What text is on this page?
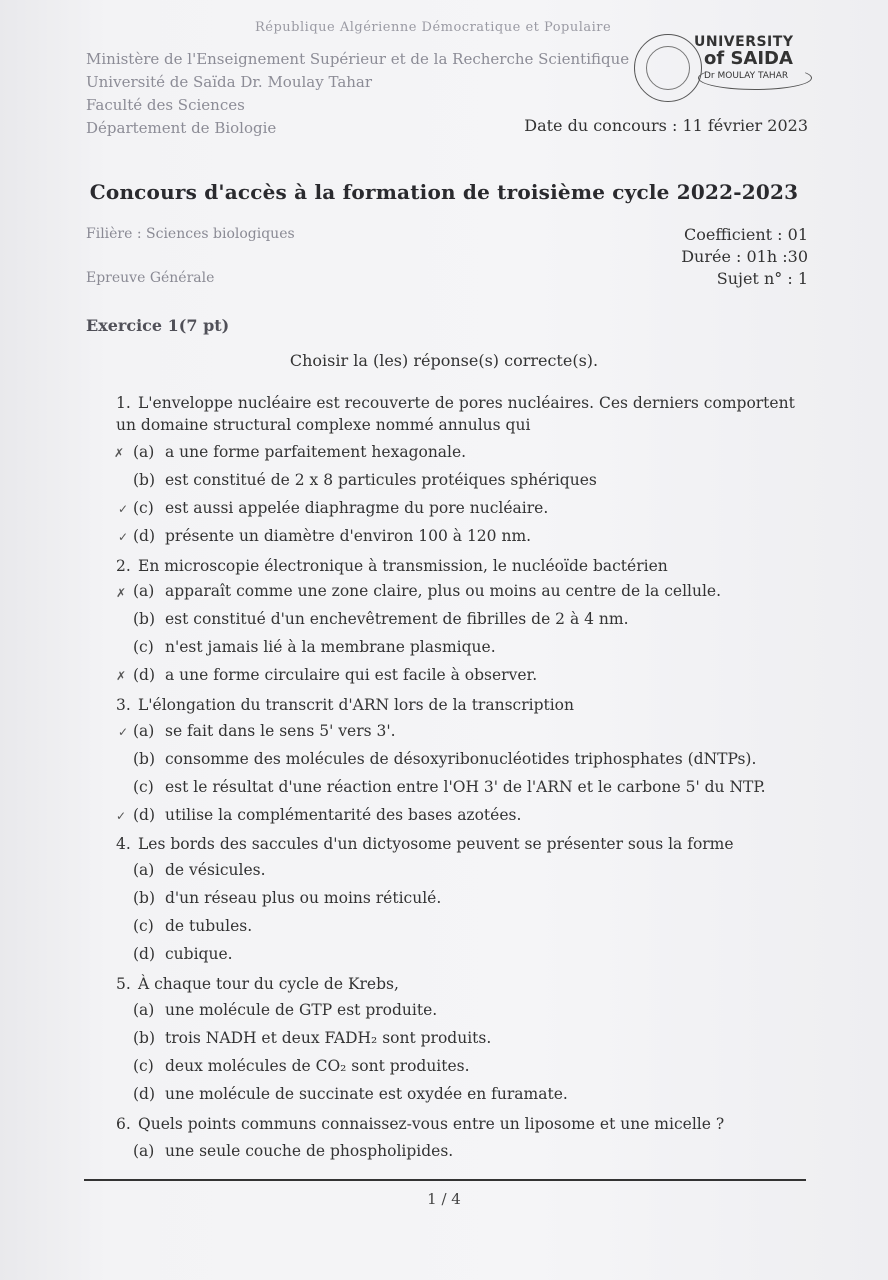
République Algérienne Démocratique et Populaire
Ministère de l'Enseignement Supérieur et de la Recherche Scientifique
Université de Saïda Dr. Moulay Tahar
Faculté des Sciences
Département de Biologie
UNIVERSITY
of SAIDA
Dr MOULAY TAHAR
Date du concours : 11 février 2023
Concours d'accès à la formation de troisième cycle 2022-2023
Filière : Sciences biologiques
Epreuve Générale
Coefficient : 01
Durée : 01h :30
Sujet n° : 1
Exercice 1(7 pt)
Choisir la (les) réponse(s) correcte(s).
1. L'enveloppe nucléaire est recouverte de pores nucléaires. Ces derniers comportent un domaine structural complexe nommé annulus qui
✗ (a) a une forme parfaitement hexagonale.
(b) est constitué de 2 x 8 particules protéiques sphériques
✓ (c) est aussi appelée diaphragme du pore nucléaire.
✓ (d) présente un diamètre d'environ 100 à 120 nm.
2. En microscopie électronique à transmission, le nucléoïde bactérien
✗ (a) apparaît comme une zone claire, plus ou moins au centre de la cellule.
(b) est constitué d'un enchevêtrement de fibrilles de 2 à 4 nm.
(c) n'est jamais lié à la membrane plasmique.
✗ (d) a une forme circulaire qui est facile à observer.
3. L'élongation du transcrit d'ARN lors de la transcription
✓ (a) se fait dans le sens 5' vers 3'.
(b) consomme des molécules de désoxyribonucléotides triphosphates (dNTPs).
(c) est le résultat d'une réaction entre l'OH 3' de l'ARN et le carbone 5' du NTP.
✓ (d) utilise la complémentarité des bases azotées.
4. Les bords des saccules d'un dictyosome peuvent se présenter sous la forme
(a) de vésicules.
(b) d'un réseau plus ou moins réticulé.
(c) de tubules.
(d) cubique.
5. À chaque tour du cycle de Krebs,
(a) une molécule de GTP est produite.
(b) trois NADH et deux FADH₂ sont produits.
(c) deux molécules de CO₂ sont produites.
(d) une molécule de succinate est oxydée en furamate.
6. Quels points communs connaissez-vous entre un liposome et une micelle ?
(a) une seule couche de phospholipides.
1 / 4
